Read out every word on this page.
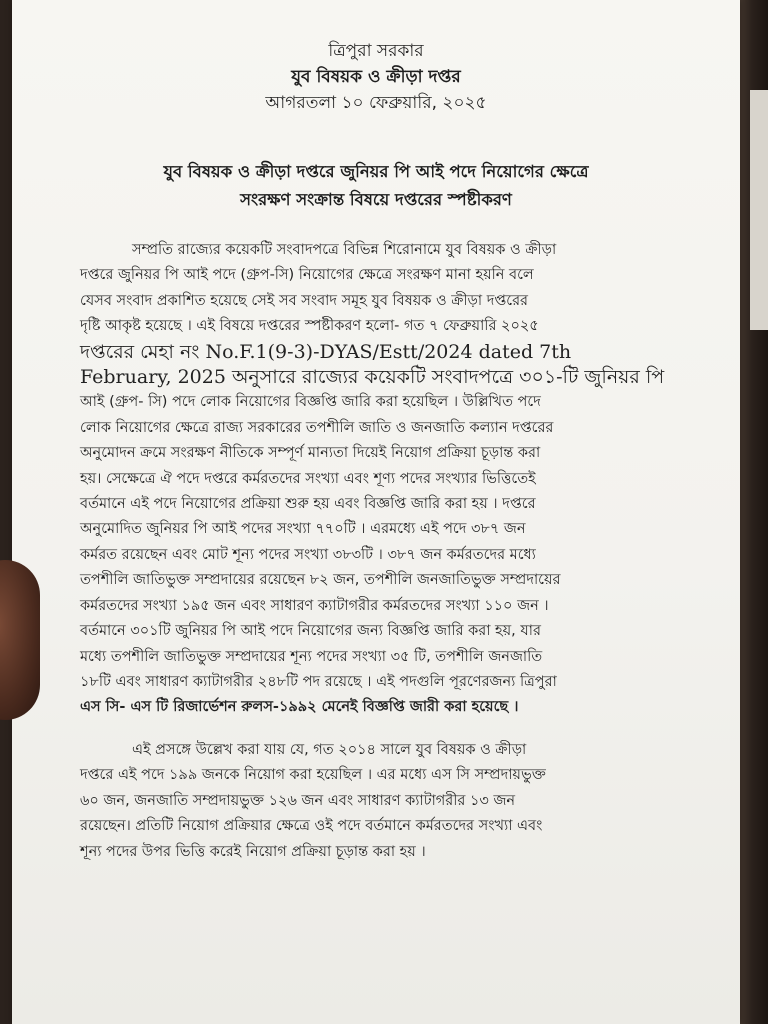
ত্রিপুরা সরকার
যুব বিষয়ক ও ক্রীড়া দপ্তর
আগরতলা ১০ ফেব্রুয়ারি, ২০২৫
যুব বিষয়ক ও ক্রীড়া দপ্তরে জুনিয়র পি আই পদে নিয়োগের ক্ষেত্রে
সংরক্ষণ সংক্রান্ত বিষয়ে দপ্তরের স্পষ্টীকরণ
সম্প্রতি রাজ্যের কয়েকটি সংবাদপত্রে বিভিন্ন শিরোনামে যুব বিষয়ক ও ক্রীড়া
দপ্তরে জুনিয়র পি আই পদে (গ্রুপ-সি) নিয়োগের ক্ষেত্রে সংরক্ষণ মানা হয়নি বলে
যেসব সংবাদ প্রকাশিত হয়েছে সেই সব সংবাদ সমূহ যুব বিষয়ক ও ক্রীড়া দপ্তরের
দৃষ্টি আকৃষ্ট হয়েছে । এই বিষয়ে দপ্তরের স্পষ্টীকরণ হলো- গত ৭ ফেব্রুয়ারি ২০২৫
দপ্তরের মেহা নং No.F.1(9-3)-DYAS/Estt/2024 dated 7th
February, 2025 অনুসারে রাজ্যের কয়েকটি সংবাদপত্রে ৩০১-টি জুনিয়র পি
আই (গ্রুপ- সি) পদে লোক নিয়োগের বিজ্ঞপ্তি জারি করা হয়েছিল । উল্লিখিত পদে
লোক নিয়োগের ক্ষেত্রে রাজ্য সরকারের তপশীলি জাতি ও জনজাতি কল্যান দপ্তরের
অনুমোদন ক্রমে সংরক্ষণ নীতিকে সম্পূর্ণ মান্যতা দিয়েই নিয়োগ প্রক্রিয়া চূড়ান্ত করা
হয়। সেক্ষেত্রে ঐ পদে দপ্তরে কর্মরতদের সংখ্যা এবং শূণ্য পদের সংখ্যার ভিত্তিতেই
বর্তমানে এই পদে নিয়োগের প্রক্রিয়া শুরু হয় এবং বিজ্ঞপ্তি জারি করা হয় । দপ্তরে
অনুমোদিত জুনিয়র পি আই পদের সংখ্যা ৭৭০টি । এরমধ্যে এই পদে ৩৮৭ জন
কর্মরত রয়েছেন এবং মোট শূন্য পদের সংখ্যা ৩৮৩টি । ৩৮৭ জন কর্মরতদের মধ্যে
তপশীলি জাতিভুক্ত সম্প্রদায়ের রয়েছেন ৮২ জন, তপশীলি জনজাতিভুক্ত সম্প্রদায়ের
কর্মরতদের সংখ্যা ১৯৫ জন এবং সাধারণ ক্যাটাগরীর কর্মরতদের সংখ্যা ১১০ জন ।
বর্তমানে ৩০১টি জুনিয়র পি আই পদে নিয়োগের জন্য বিজ্ঞপ্তি জারি করা হয়, যার
মধ্যে তপশীলি জাতিভুক্ত সম্প্রদায়ের শূন্য পদের সংখ্যা ৩৫ টি, তপশীলি জনজাতি
১৮টি এবং সাধারণ ক্যাটাগরীর ২৪৮টি পদ রয়েছে । এই পদগুলি পূরণেরজন্য ত্রিপুরা
এস সি- এস টি রিজার্ভেশন রুলস-১৯৯২ মেনেই বিজ্ঞপ্তি জারী করা হয়েছে ।
এই প্রসঙ্গে উল্লেখ করা যায় যে, গত ২০১৪ সালে যুব বিষয়ক ও ক্রীড়া
দপ্তরে এই পদে ১৯৯ জনকে নিয়োগ করা হয়েছিল । এর মধ্যে এস সি সম্প্রদায়ভুক্ত
৬০ জন, জনজাতি সম্প্রদায়ভুক্ত ১২৬ জন এবং সাধারণ ক্যাটাগরীর ১৩ জন
রয়েছেন। প্রতিটি নিয়োগ প্রক্রিয়ার ক্ষেত্রে ওই পদে বর্তমানে কর্মরতদের সংখ্যা এবং
শূন্য পদের উপর ভিত্তি করেই নিয়োগ প্রক্রিয়া চূড়ান্ত করা হয় ।
